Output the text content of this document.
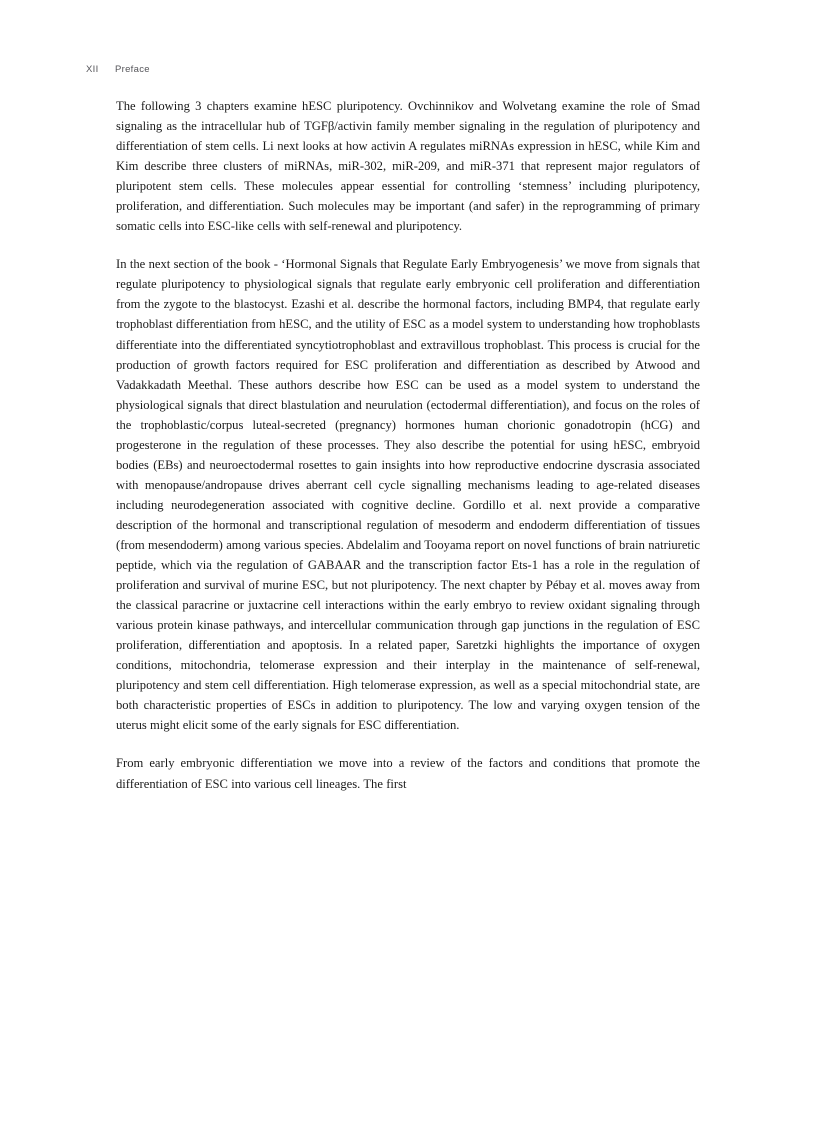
XII Preface

The following 3 chapters examine hESC pluripotency. Ovchinnikov and Wolvetang examine the role of Smad signaling as the intracellular hub of TGFβ/activin family member signaling in the regulation of pluripotency and differentiation of stem cells. Li next looks at how activin A regulates miRNAs expression in hESC, while Kim and Kim describe three clusters of miRNAs, miR-302, miR-209, and miR-371 that represent major regulators of pluripotent stem cells. These molecules appear essential for controlling ‘stemness’ including pluripotency, proliferation, and differentiation. Such molecules may be important (and safer) in the reprogramming of primary somatic cells into ESC-like cells with self-renewal and pluripotency.

In the next section of the book - ‘Hormonal Signals that Regulate Early Embryogenesis’ we move from signals that regulate pluripotency to physiological signals that regulate early embryonic cell proliferation and differentiation from the zygote to the blastocyst. Ezashi et al. describe the hormonal factors, including BMP4, that regulate early trophoblast differentiation from hESC, and the utility of ESC as a model system to understanding how trophoblasts differentiate into the differentiated syncytiotrophoblast and extravillous trophoblast. This process is crucial for the production of growth factors required for ESC proliferation and differentiation as described by Atwood and Vadakkadath Meethal. These authors describe how ESC can be used as a model system to understand the physiological signals that direct blastulation and neurulation (ectodermal differentiation), and focus on the roles of the trophoblastic/corpus luteal-secreted (pregnancy) hormones human chorionic gonadotropin (hCG) and progesterone in the regulation of these processes. They also describe the potential for using hESC, embryoid bodies (EBs) and neuroectodermal rosettes to gain insights into how reproductive endocrine dyscrasia associated with menopause/andropause drives aberrant cell cycle signalling mechanisms leading to age-related diseases including neurodegeneration associated with cognitive decline. Gordillo et al. next provide a comparative description of the hormonal and transcriptional regulation of mesoderm and endoderm differentiation of tissues (from mesendoderm) among various species. Abdelalim and Tooyama report on novel functions of brain natriuretic peptide, which via the regulation of GABAAR and the transcription factor Ets-1 has a role in the regulation of proliferation and survival of murine ESC, but not pluripotency. The next chapter by Pébay et al. moves away from the classical paracrine or juxtacrine cell interactions within the early embryo to review oxidant signaling through various protein kinase pathways, and intercellular communication through gap junctions in the regulation of ESC proliferation, differentiation and apoptosis. In a related paper, Saretzki highlights the importance of oxygen conditions, mitochondria, telomerase expression and their interplay in the maintenance of self-renewal, pluripotency and stem cell differentiation. High telomerase expression, as well as a special mitochondrial state, are both characteristic properties of ESCs in addition to pluripotency. The low and varying oxygen tension of the uterus might elicit some of the early signals for ESC differentiation.

From early embryonic differentiation we move into a review of the factors and conditions that promote the differentiation of ESC into various cell lineages. The first
